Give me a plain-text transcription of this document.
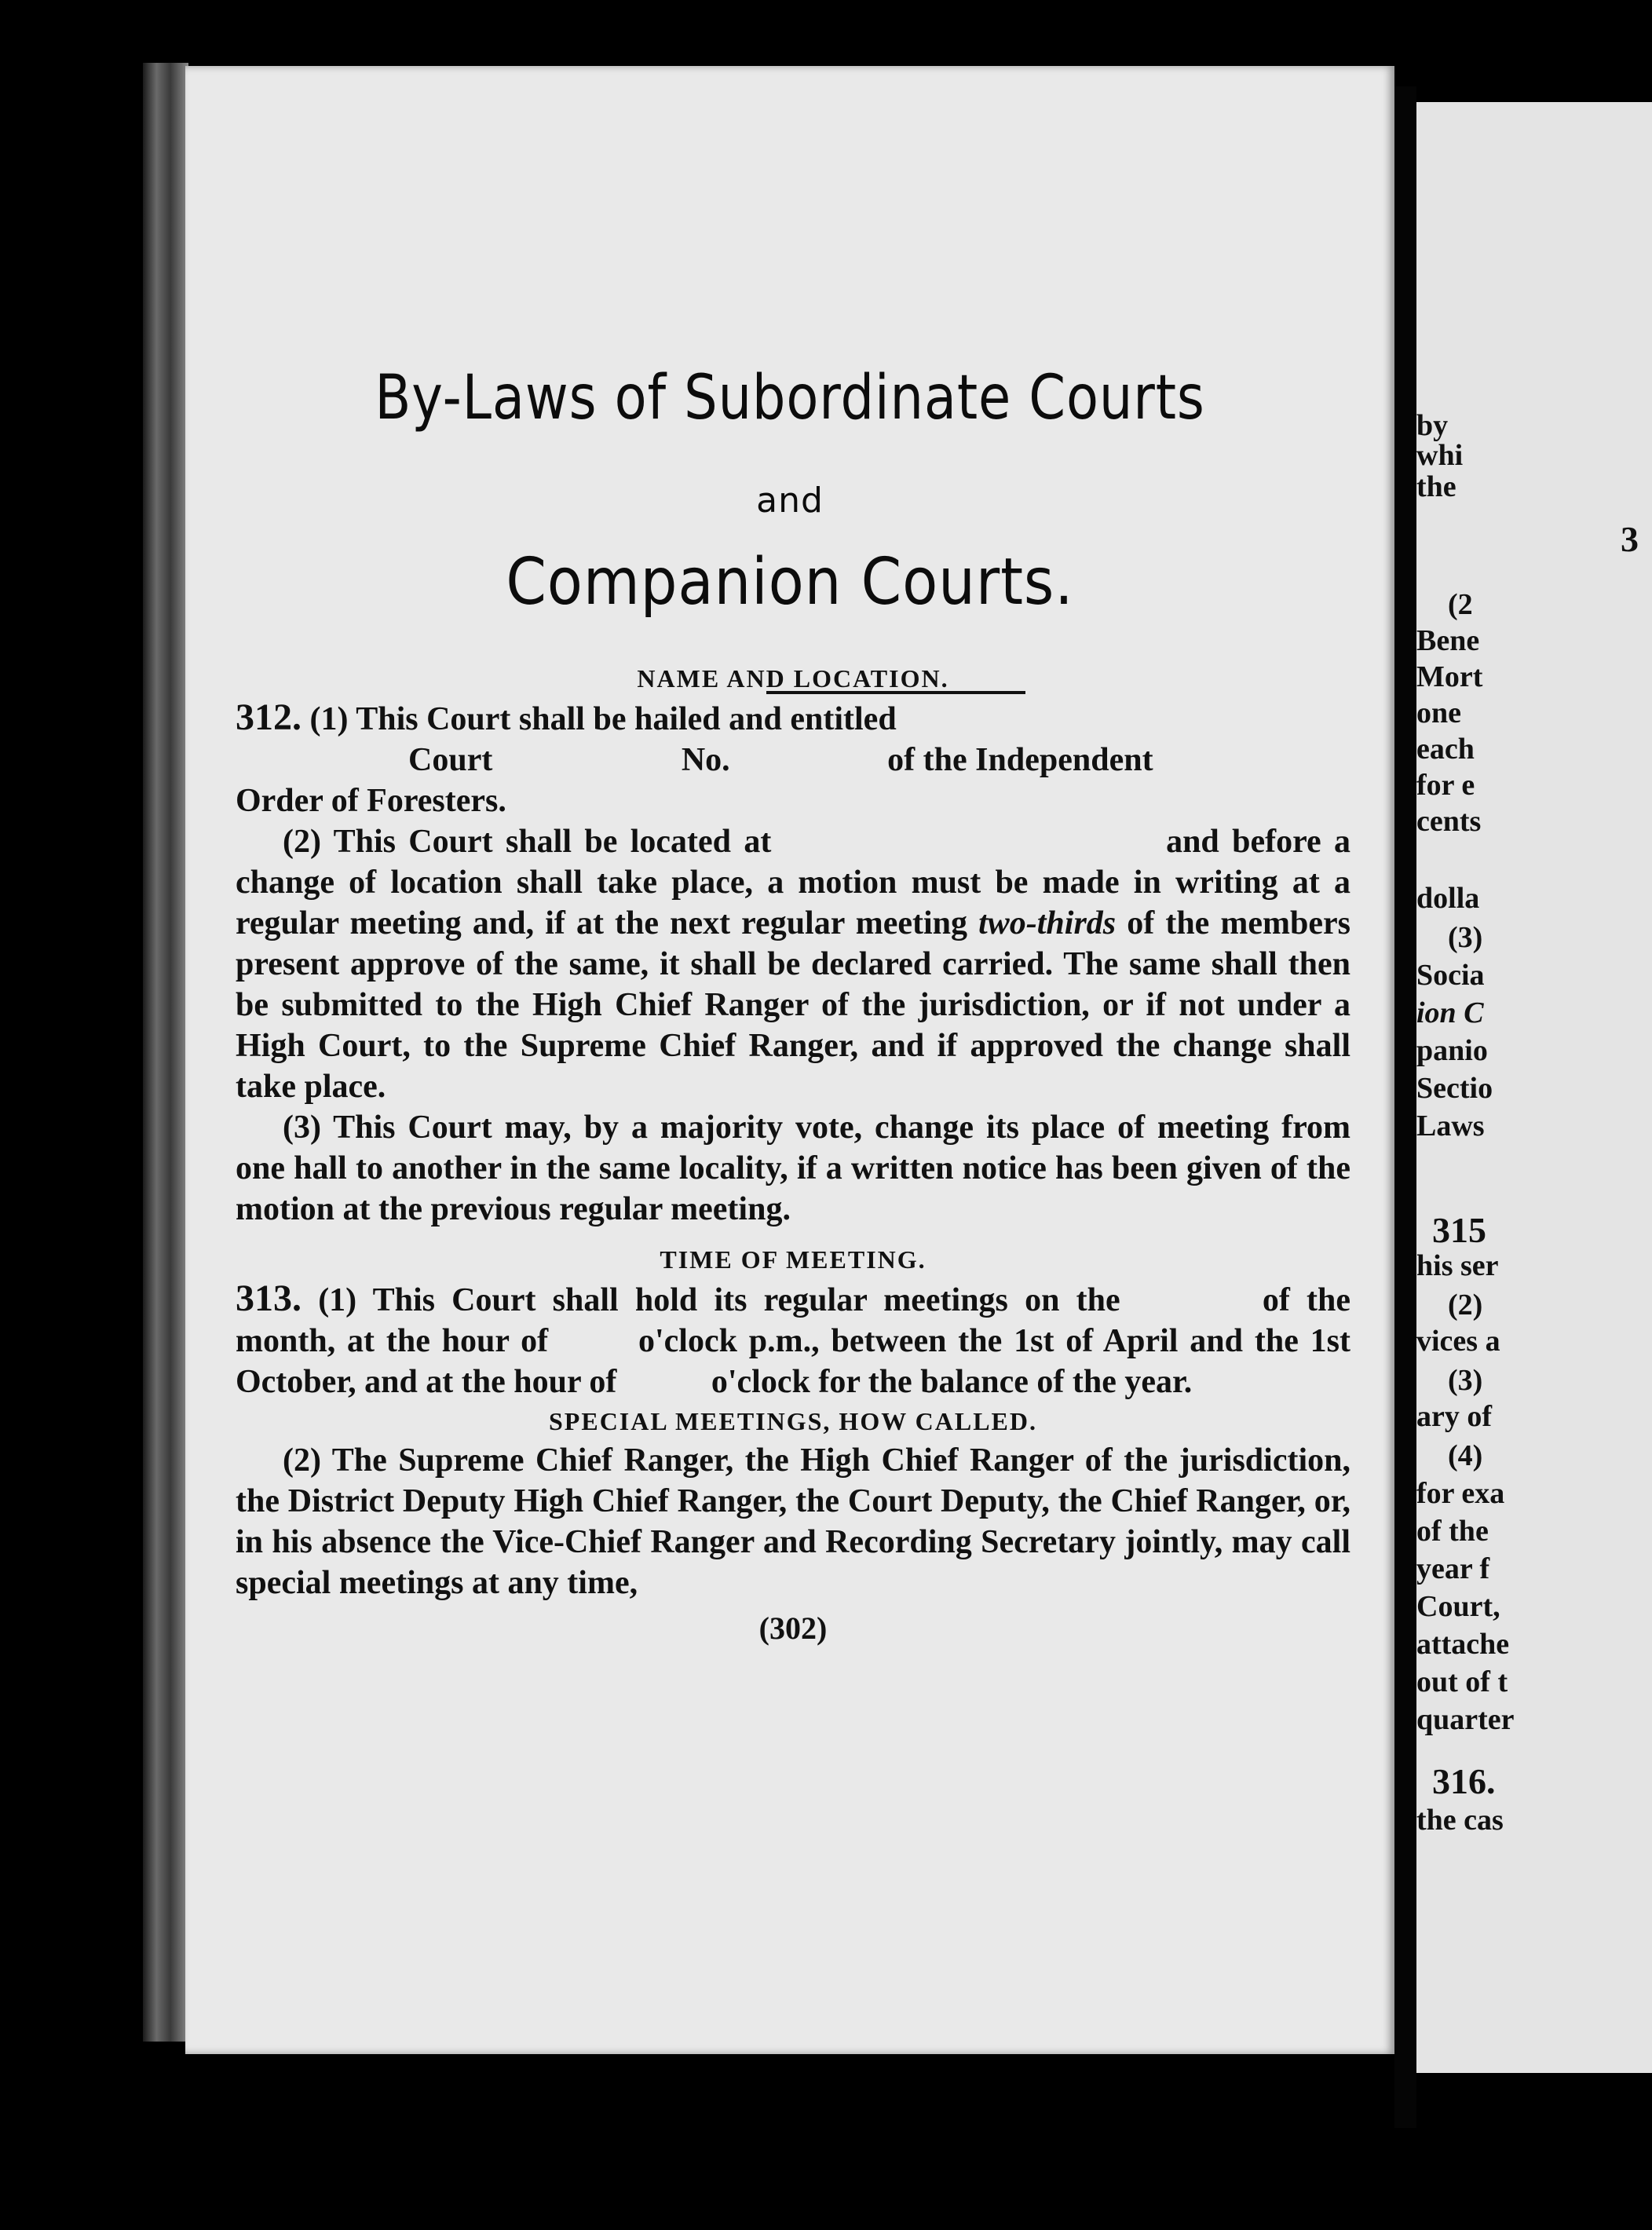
By-Laws of Subordinate Courts
and
Companion Courts.

NAME AND LOCATION.

312. (1) This Court shall be hailed and entitled
Court	No.	of the Independent
Order of Foresters.

(2) This Court shall be located at	and before a change of location shall take place, a motion must be made in writing at a regular meeting and, if at the next regular meeting two-thirds of the members present approve of the same, it shall be declared carried. The same shall then be submitted to the High Chief Ranger of the jurisdiction, or if not under a High Court, to the Supreme Chief Ranger, and if approved the change shall take place.

(3) This Court may, by a majority vote, change its place of meeting from one hall to another in the same locality, if a written notice has been given of the motion at the previous regular meeting.

TIME OF MEETING.

313. (1) This Court shall hold its regular meetings on the	of the month, at the hour of	o'clock p.m., between the 1st of April and the 1st October, and at the hour of	o'clock for the balance of the year.

SPECIAL MEETINGS, HOW CALLED.

(2) The Supreme Chief Ranger, the High Chief Ranger of the jurisdiction, the District Deputy High Chief Ranger, the Court Deputy, the Chief Ranger, or, in his absence the Vice-Chief Ranger and Recording Secretary jointly, may call special meetings at any time,

(302)

by
whi
the
3
(2
Bene
Mort
one
each
for e
cents
dolla
(3)
Socia
ion C
panio
Sectio
Laws
315
his ser
(2)
vices a
(3)
ary of
(4)
for exa
of the
year f
Court,
attache
out of t
quarter
316.
the cas
